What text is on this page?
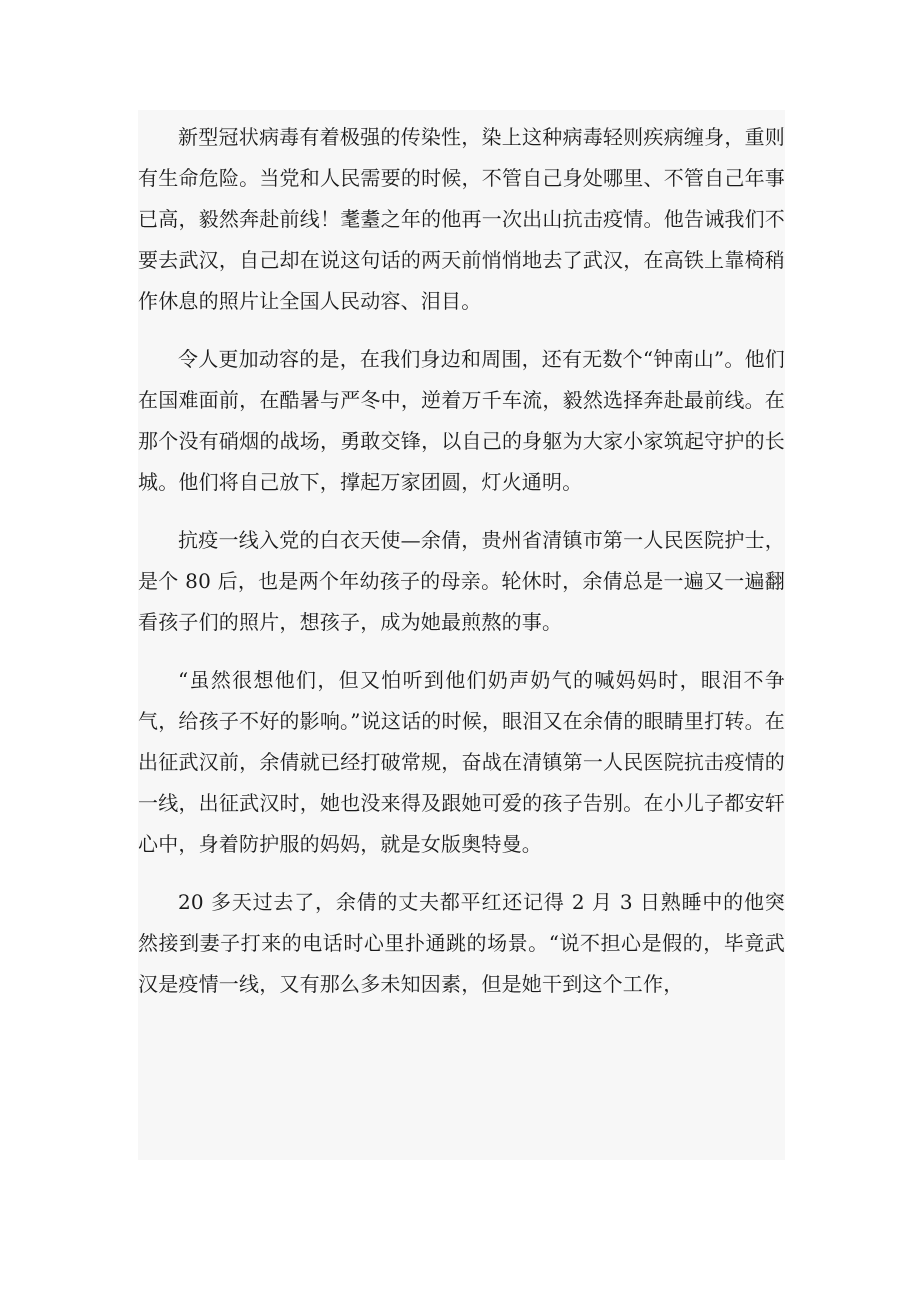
新型冠状病毒有着极强的传染性，染上这种病毒轻则疾病缠身，重则有生命危险。当党和人民需要的时候，不管自己身处哪里、不管自己年事已高，毅然奔赴前线！耄耋之年的他再一次出山抗击疫情。他告诫我们不要去武汉，自己却在说这句话的两天前悄悄地去了武汉，在高铁上靠椅稍作休息的照片让全国人民动容、泪目。

令人更加动容的是，在我们身边和周围，还有无数个“钟南山”。他们在国难面前，在酷暑与严冬中，逆着万千车流，毅然选择奔赴最前线。在那个没有硝烟的战场，勇敢交锋，以自己的身躯为大家小家筑起守护的长城。他们将自己放下，撑起万家团圆，灯火通明。

抗疫一线入党的白衣天使—余倩，贵州省清镇市第一人民医院护士，是个 80 后，也是两个年幼孩子的母亲。轮休时，余倩总是一遍又一遍翻看孩子们的照片，想孩子，成为她最煎熬的事。

“虽然很想他们，但又怕听到他们奶声奶气的喊妈妈时，眼泪不争气，给孩子不好的影响。”说这话的时候，眼泪又在余倩的眼睛里打转。在出征武汉前，余倩就已经打破常规，奋战在清镇第一人民医院抗击疫情的一线，出征武汉时，她也没来得及跟她可爱的孩子告别。在小儿子都安轩心中，身着防护服的妈妈，就是女版奥特曼。

20 多天过去了，余倩的丈夫都平红还记得 2 月 3 日熟睡中的他突然接到妻子打来的电话时心里扑通跳的场景。“说不担心是假的，毕竟武汉是疫情一线，又有那么多未知因素，但是她干到这个工作，
